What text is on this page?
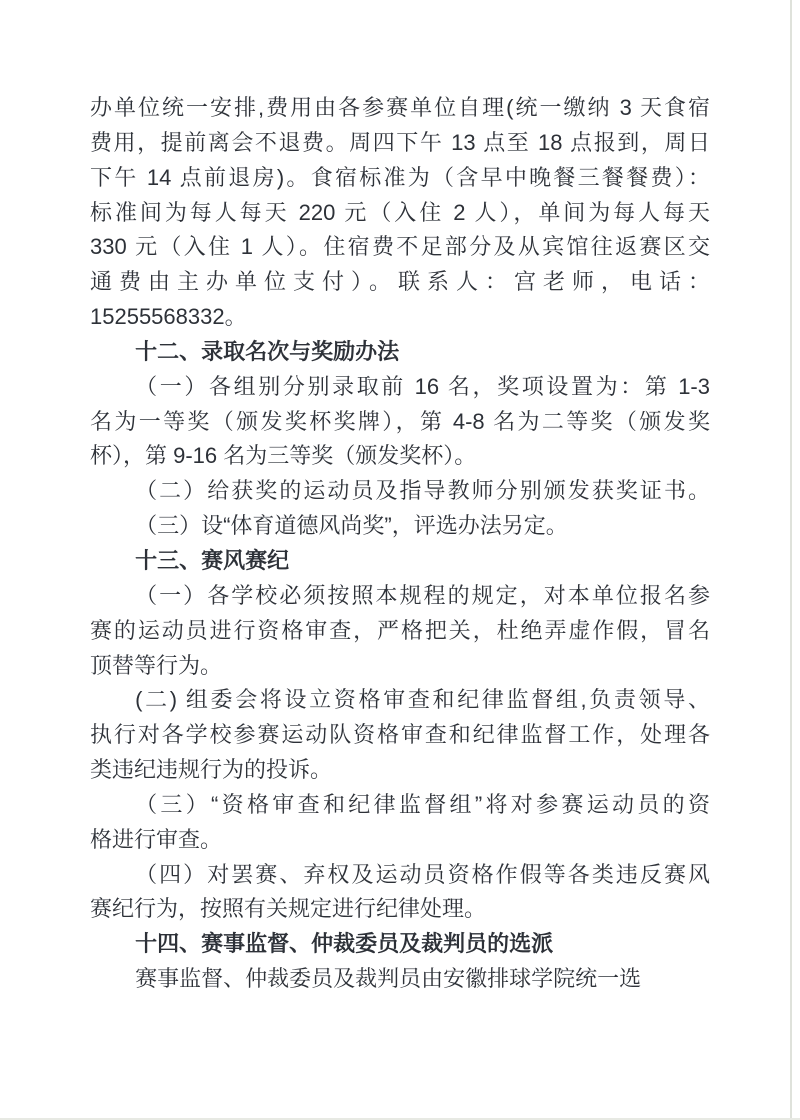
办单位统一安排,费用由各参赛单位自理(统一缴纳 3 天食宿
费用，提前离会不退费。周四下午 13 点至 18 点报到，周日
下午 14 点前退房)。食宿标准为（含早中晚餐三餐餐费）：
标准间为每人每天 220 元（入住 2 人），单间为每人每天
330 元（入住 1 人）。住宿费不足部分及从宾馆往返赛区交
通费由主办单位支付）。联系人：宫老师，电话：
15255568332。
十二、录取名次与奖励办法
（一）各组别分别录取前 16 名，奖项设置为：第 1-3
名为一等奖（颁发奖杯奖牌），第 4-8 名为二等奖（颁发奖
杯），第 9-16 名为三等奖（颁发奖杯）。
（二）给获奖的运动员及指导教师分别颁发获奖证书。
（三）设“体育道德风尚奖”，评选办法另定。
十三、赛风赛纪
（一）各学校必须按照本规程的规定，对本单位报名参
赛的运动员进行资格审查，严格把关，杜绝弄虚作假，冒名
顶替等行为。
(二) 组委会将设立资格审查和纪律监督组,负责领导、
执行对各学校参赛运动队资格审查和纪律监督工作，处理各
类违纪违规行为的投诉。
（三）“资格审查和纪律监督组”将对参赛运动员的资
格进行审查。
（四）对罢赛、弃权及运动员资格作假等各类违反赛风
赛纪行为，按照有关规定进行纪律处理。
十四、赛事监督、仲裁委员及裁判员的选派
赛事监督、仲裁委员及裁判员由安徽排球学院统一选
